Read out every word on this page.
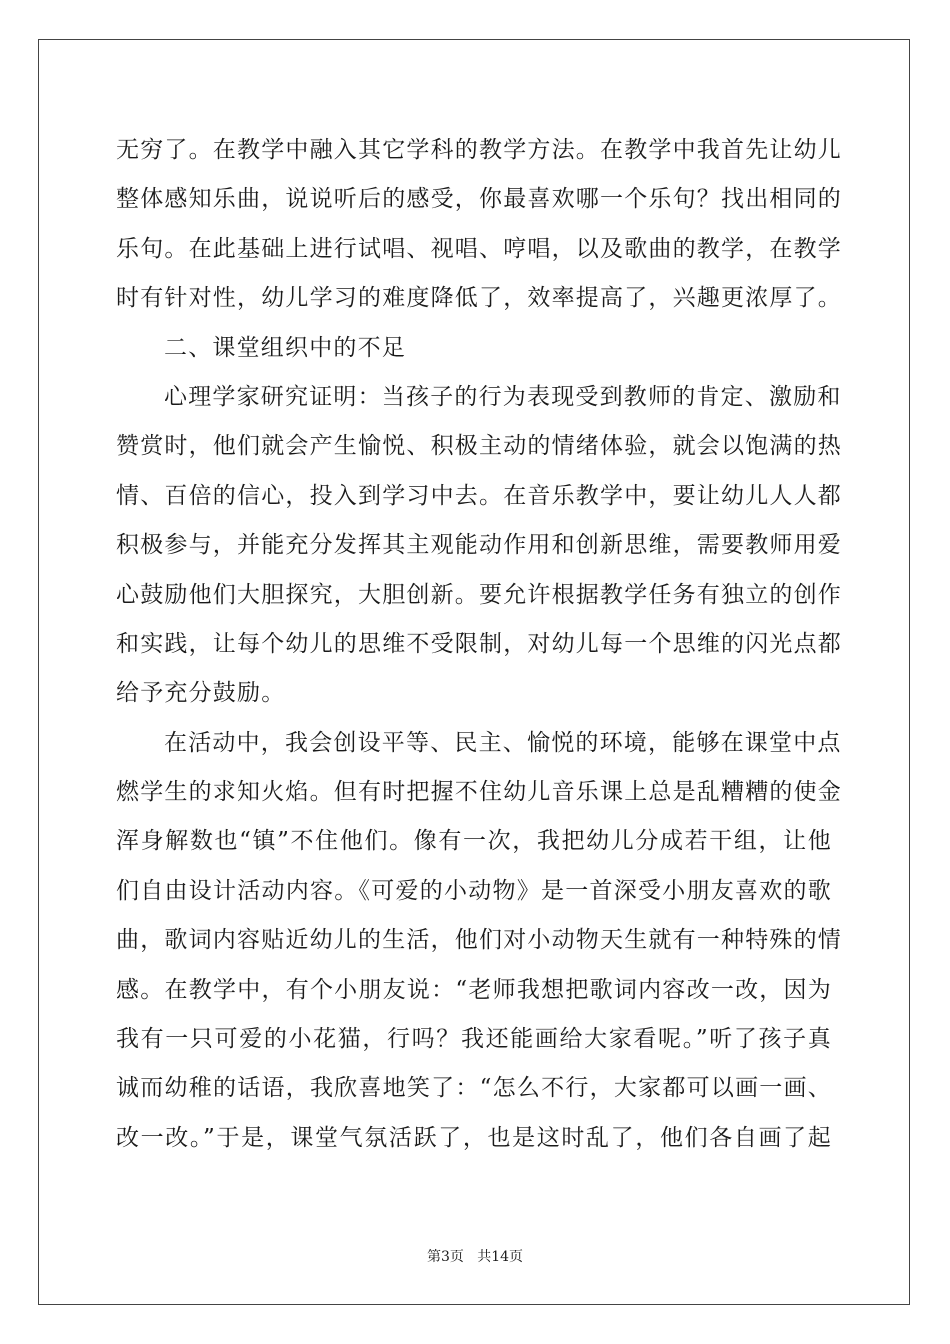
无穷了。在教学中融入其它学科的教学方法。在教学中我首先让幼儿
整体感知乐曲，说说听后的感受，你最喜欢哪一个乐句？找出相同的
乐句。在此基础上进行试唱、视唱、哼唱，以及歌曲的教学，在教学
时有针对性，幼儿学习的难度降低了，效率提高了，兴趣更浓厚了。
二、课堂组织中的不足
心理学家研究证明：当孩子的行为表现受到教师的肯定、激励和
赞赏时，他们就会产生愉悦、积极主动的情绪体验，就会以饱满的热
情、百倍的信心，投入到学习中去。在音乐教学中，要让幼儿人人都
积极参与，并能充分发挥其主观能动作用和创新思维，需要教师用爱
心鼓励他们大胆探究，大胆创新。要允许根据教学任务有独立的创作
和实践，让每个幼儿的思维不受限制，对幼儿每一个思维的闪光点都
给予充分鼓励。
在活动中，我会创设平等、民主、愉悦的环境，能够在课堂中点
燃学生的求知火焰。但有时把握不住幼儿音乐课上总是乱糟糟的使金
浑身解数也“镇”不住他们。像有一次，我把幼儿分成若干组，让他
们自由设计活动内容。《可爱的小动物》是一首深受小朋友喜欢的歌
曲，歌词内容贴近幼儿的生活，他们对小动物天生就有一种特殊的情
感。在教学中，有个小朋友说：“老师我想把歌词内容改一改，因为
我有一只可爱的小花猫，行吗？我还能画给大家看呢。”听了孩子真
诚而幼稚的话语，我欣喜地笑了：“怎么不行，大家都可以画一画、
改一改。”于是，课堂气氛活跃了，也是这时乱了，他们各自画了起
第3页   共14页
